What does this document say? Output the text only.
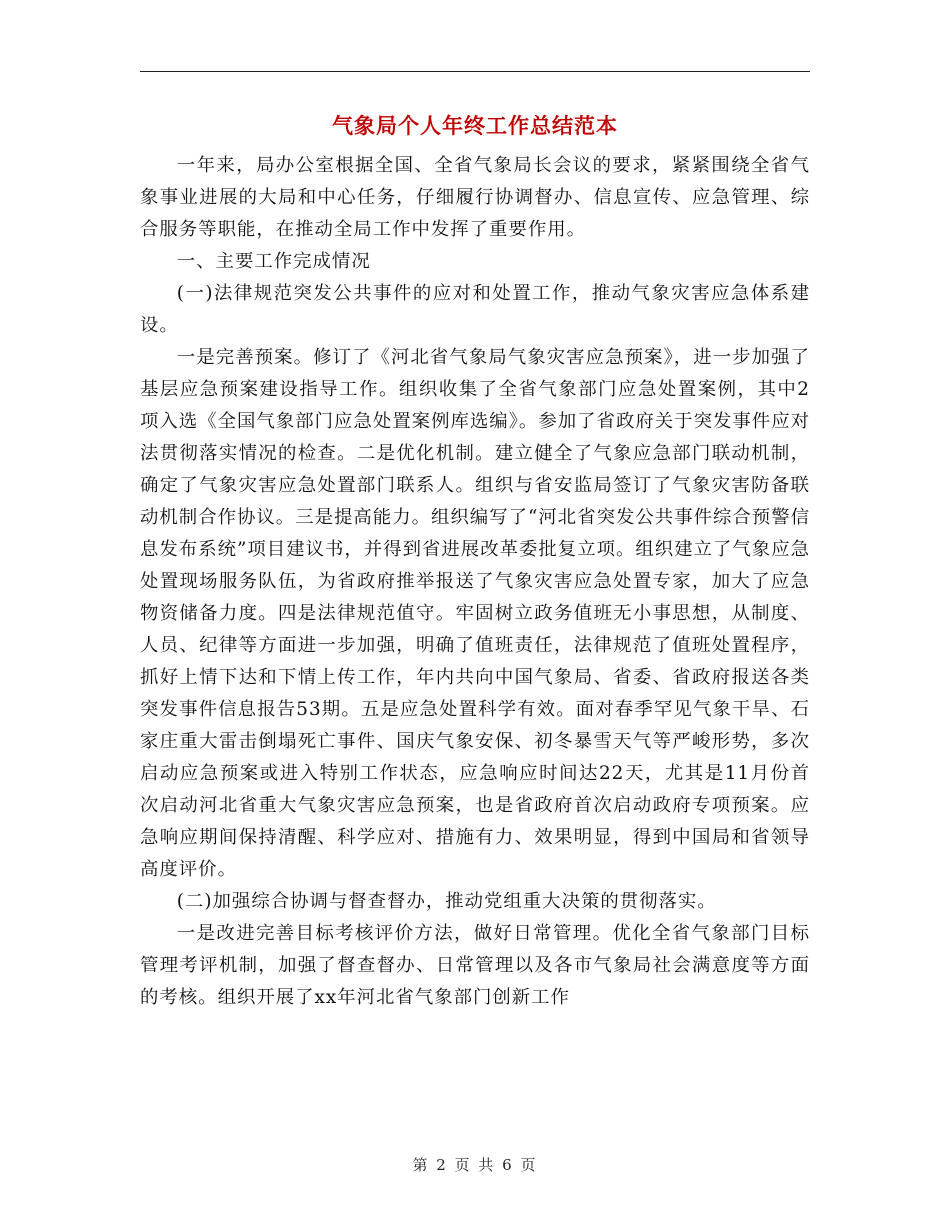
气象局个人年终工作总结范本

一年来，局办公室根据全国、全省气象局长会议的要求，紧紧围绕全省气象事业进展的大局和中心任务，仔细履行协调督办、信息宣传、应急管理、综合服务等职能，在推动全局工作中发挥了重要作用。

一、主要工作完成情况

(一)法律规范突发公共事件的应对和处置工作，推动气象灾害应急体系建设。

一是完善预案。修订了《河北省气象局气象灾害应急预案》，进一步加强了基层应急预案建设指导工作。组织收集了全省气象部门应急处置案例，其中2项入选《全国气象部门应急处置案例库选编》。参加了省政府关于突发事件应对法贯彻落实情况的检查。二是优化机制。建立健全了气象应急部门联动机制，确定了气象灾害应急处置部门联系人。组织与省安监局签订了气象灾害防备联动机制合作协议。三是提高能力。组织编写了“河北省突发公共事件综合预警信息发布系统”项目建议书，并得到省进展改革委批复立项。组织建立了气象应急处置现场服务队伍，为省政府推举报送了气象灾害应急处置专家，加大了应急物资储备力度。四是法律规范值守。牢固树立政务值班无小事思想，从制度、人员、纪律等方面进一步加强，明确了值班责任，法律规范了值班处置程序，抓好上情下达和下情上传工作，年内共向中国气象局、省委、省政府报送各类突发事件信息报告53期。五是应急处置科学有效。面对春季罕见气象干旱、石家庄重大雷击倒塌死亡事件、国庆气象安保、初冬暴雪天气等严峻形势，多次启动应急预案或进入特别工作状态，应急响应时间达22天，尤其是11月份首次启动河北省重大气象灾害应急预案，也是省政府首次启动政府专项预案。应急响应期间保持清醒、科学应对、措施有力、效果明显，得到中国局和省领导高度评价。

(二)加强综合协调与督查督办，推动党组重大决策的贯彻落实。

一是改进完善目标考核评价方法，做好日常管理。优化全省气象部门目标管理考评机制，加强了督查督办、日常管理以及各市气象局社会满意度等方面的考核。组织开展了xx年河北省气象部门创新工作

第 2 页 共 6 页
